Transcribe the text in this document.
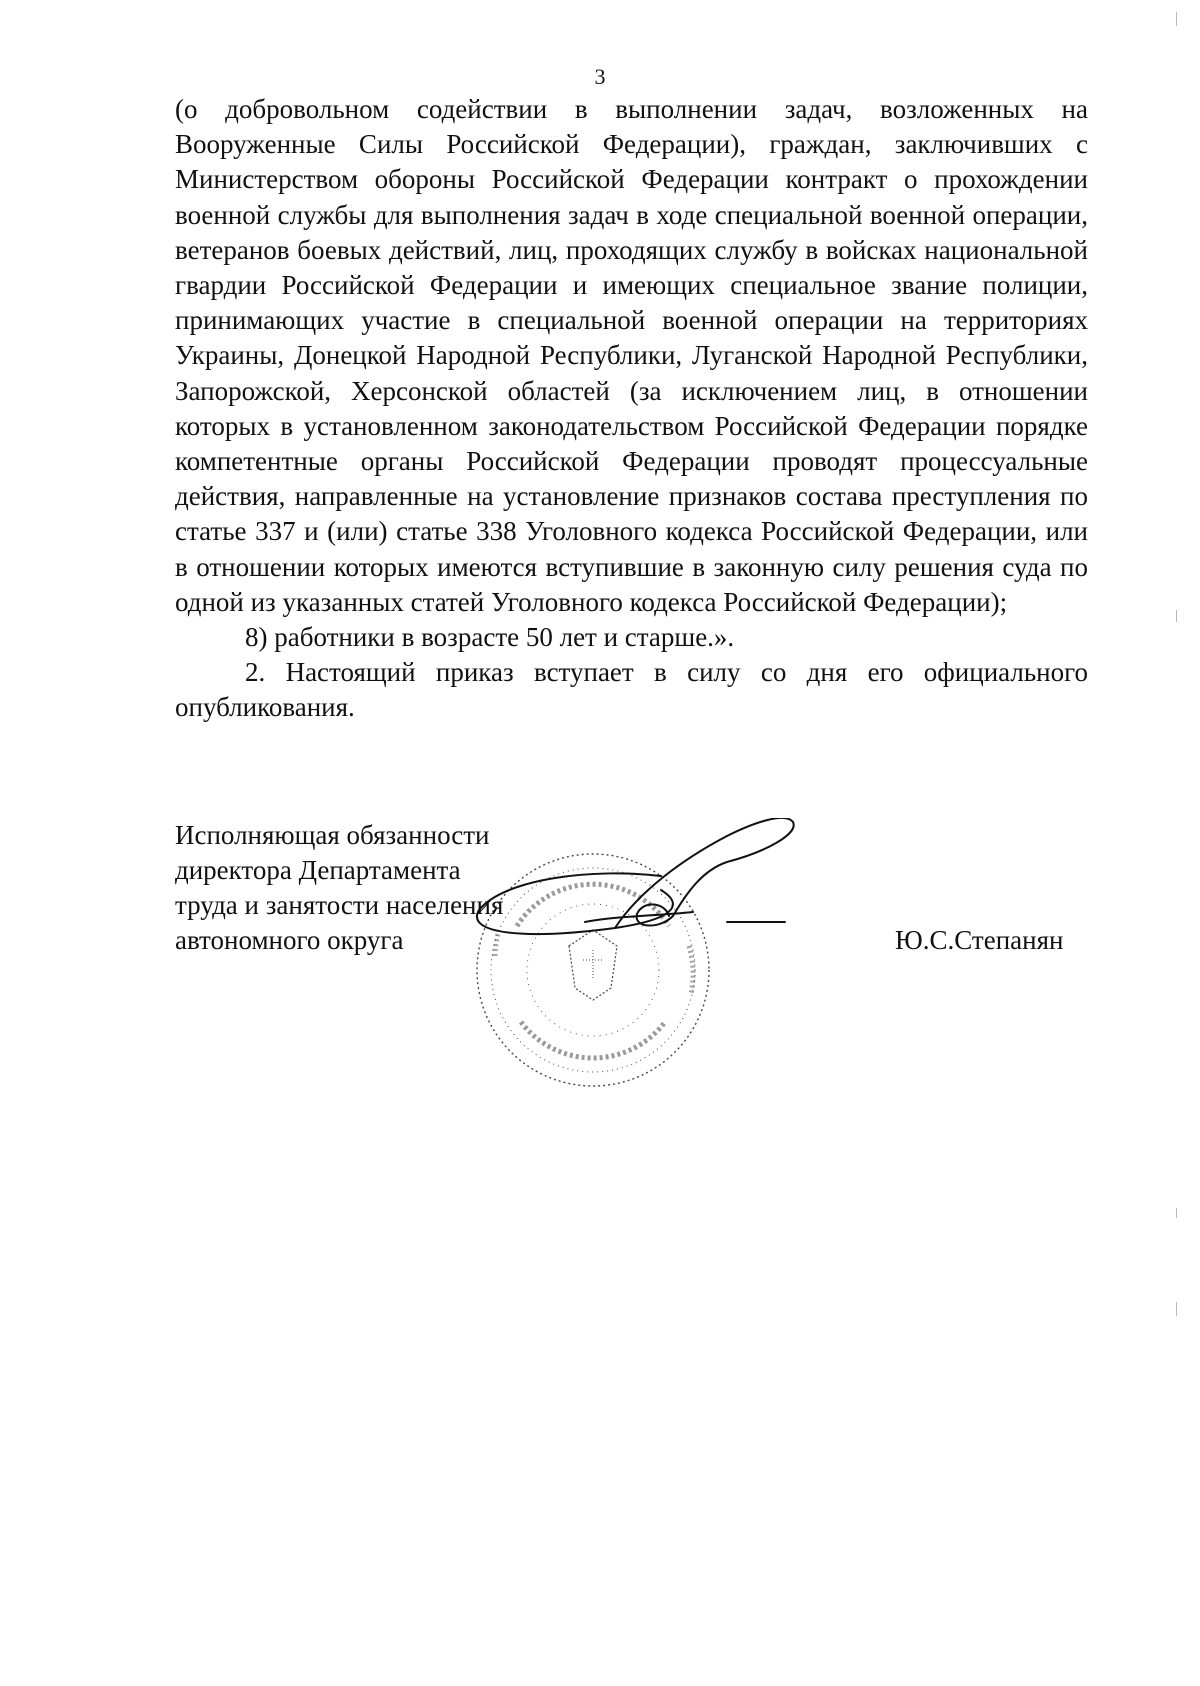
3

(о добровольном содействии в выполнении задач, возложенных на Вооруженные Силы Российской Федерации), граждан, заключивших с Министерством обороны Российской Федерации контракт о прохождении военной службы для выполнения задач в ходе специальной военной операции, ветеранов боевых действий, лиц, проходящих службу в войсках национальной гвардии Российской Федерации и имеющих специальное звание полиции, принимающих участие в специальной военной операции на территориях Украины, Донецкой Народной Республики, Луганской Народной Республики, Запорожской, Херсонской областей (за исключением лиц, в отношении которых в установленном законодательством Российской Федерации порядке компетентные органы Российской Федерации проводят процессуальные действия, направленные на установление признаков состава преступления по статье 337 и (или) статье 338 Уголовного кодекса Российской Федерации, или в отношении которых имеются вступившие в законную силу решения суда по одной из указанных статей Уголовного кодекса Российской Федерации);

8) работники в возрасте 50 лет и старше.».

2. Настоящий приказ вступает в силу со дня его официального опубликования.

Исполняющая обязанности
директора Департамента
труда и занятости населения
автономного округа	Ю.С.Степанян
